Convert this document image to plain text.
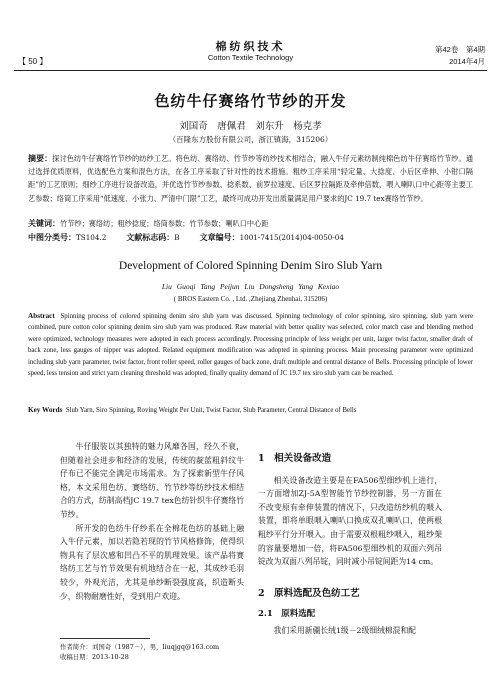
【 50 】
棉纺织技术
Cotton Textile Technology
第42卷　第4期
2014年4月
色纺牛仔赛络竹节纱的开发
刘国奇　唐佩君　刘东升　杨克孝
（百隆东方股份有限公司，浙江镇海，315206）
摘要：探讨色纺牛仔赛络竹节纱的纺纱工艺。将色纺、赛络纺、竹节纱等纺纱技术相结合，融入牛仔元素纺制纯棉色纺牛仔赛络竹节纱。通过选择优质原料，优选配色方案和混色方法，在各工序采取了针对性的技术措施。粗纱工序采用“轻定量、大捻度、小后区牵伸、小钳口隔距”的工艺原则；细纱工序进行设备改造，并优选竹节纱参数、捻系数、前罗拉速度、后区罗拉隔距及牵伸倍数、喂入喇叭口中心距等主要工艺参数；络筒工序采用“低速度、小张力、严清中门限”工艺，最终可成功开发出质量满足用户要求的JC 19.7 tex赛络竹节纱。
关键词：竹节纱；赛络纺；粗纱捻度；络筒参数；竹节参数；喇叭口中心距
中图分类号：TS104.2	文献标志码：B	文章编号：1001-7415(2014)04-0050-04
Development of Colored Spinning Denim Siro Slub Yarn
Liu Guoqi Tang Peijun Liu Dongsheng Yang Kexiao
( BROS Eastern Co. , Ltd. ,Zhejiang Zhenhai, 315206)
Abstract Spinning process of colored spinning denim siro slub yarn was discussed. Spinning technology of color spinning, siro spinning, slub yarn were combined, pure cotton color spinning denim siro slub yarn was produced. Raw material with better quality was selected, color match case and blending method were optimized, technology measures were adopted in each process accordingly. Processing principle of less weight per unit, larger twist factor, smaller draft of back zone, less gauges of nipper was adopted. Related equipment modification was adopted in spinning process. Main processing parameter were optimized including slub yarn parameter, twist factor, front roller speed, roller gauges of back zone, draft multiple and central distance of Bells. Processing principle of lower speed, less tension and strict yarn cleaning threshold was adopted, finally quality demand of JC 19.7 tex siro slub yarn can be reached.
Key Words Slub Yarn, Siro Spinning, Roving Weight Per Unit, Twist Factor, Slub Parameter, Central Distance of Bells

牛仔服装以其独特的魅力风靡各国，经久不衰，但随着社会进步和经济的发展，传统的靛蓝粗斜纹牛仔布已不能完全满足市场需求。为了探索新型牛仔风格，本文采用色纺、赛络纺、竹节纱等纺纱技术相结合的方式，纺制高档JC 19.7 tex色纺针织牛仔赛络竹节纱。

所开发的色纺牛仔纱系在全棉花色纺的基础上融入牛仔元素，加以若隐若现的竹节风格修饰，使得织物具有了层次感和凹凸不平的肌理效果。该产品将赛络纺工艺与竹节效果有机地结合在一起，其成纱毛羽较少，外观光洁，尤其是单纱断裂强度高，织造断头少，织物耐磨性好，受到用户欢迎。

1　相关设备改造

相关设备改造主要是在FA506型细纱机上进行，一方面增加ZJ-5A型智能竹节纱控制器，另一方面在不改变原有牵伸装置的情况下，只改造纺纱机的喂入装置，即将单眼喂入喇叭口换成双孔喇叭口，使两根粗纱平行分开喂入。由于需要双根粗纱喂入，粗纱架的容量要增加一倍，将FA506型细纱机的双面六列吊锭改为双面八列吊锭，同时减小吊锭间距为14 cm。

2　原料选配及色纺工艺
2.1　原料选配

我们采用新疆长绒1级－2级细绒棉混和配

作者简介：刘国奇（1987－），男，liuqjgq@163.com
收稿日期：2013-10-28
